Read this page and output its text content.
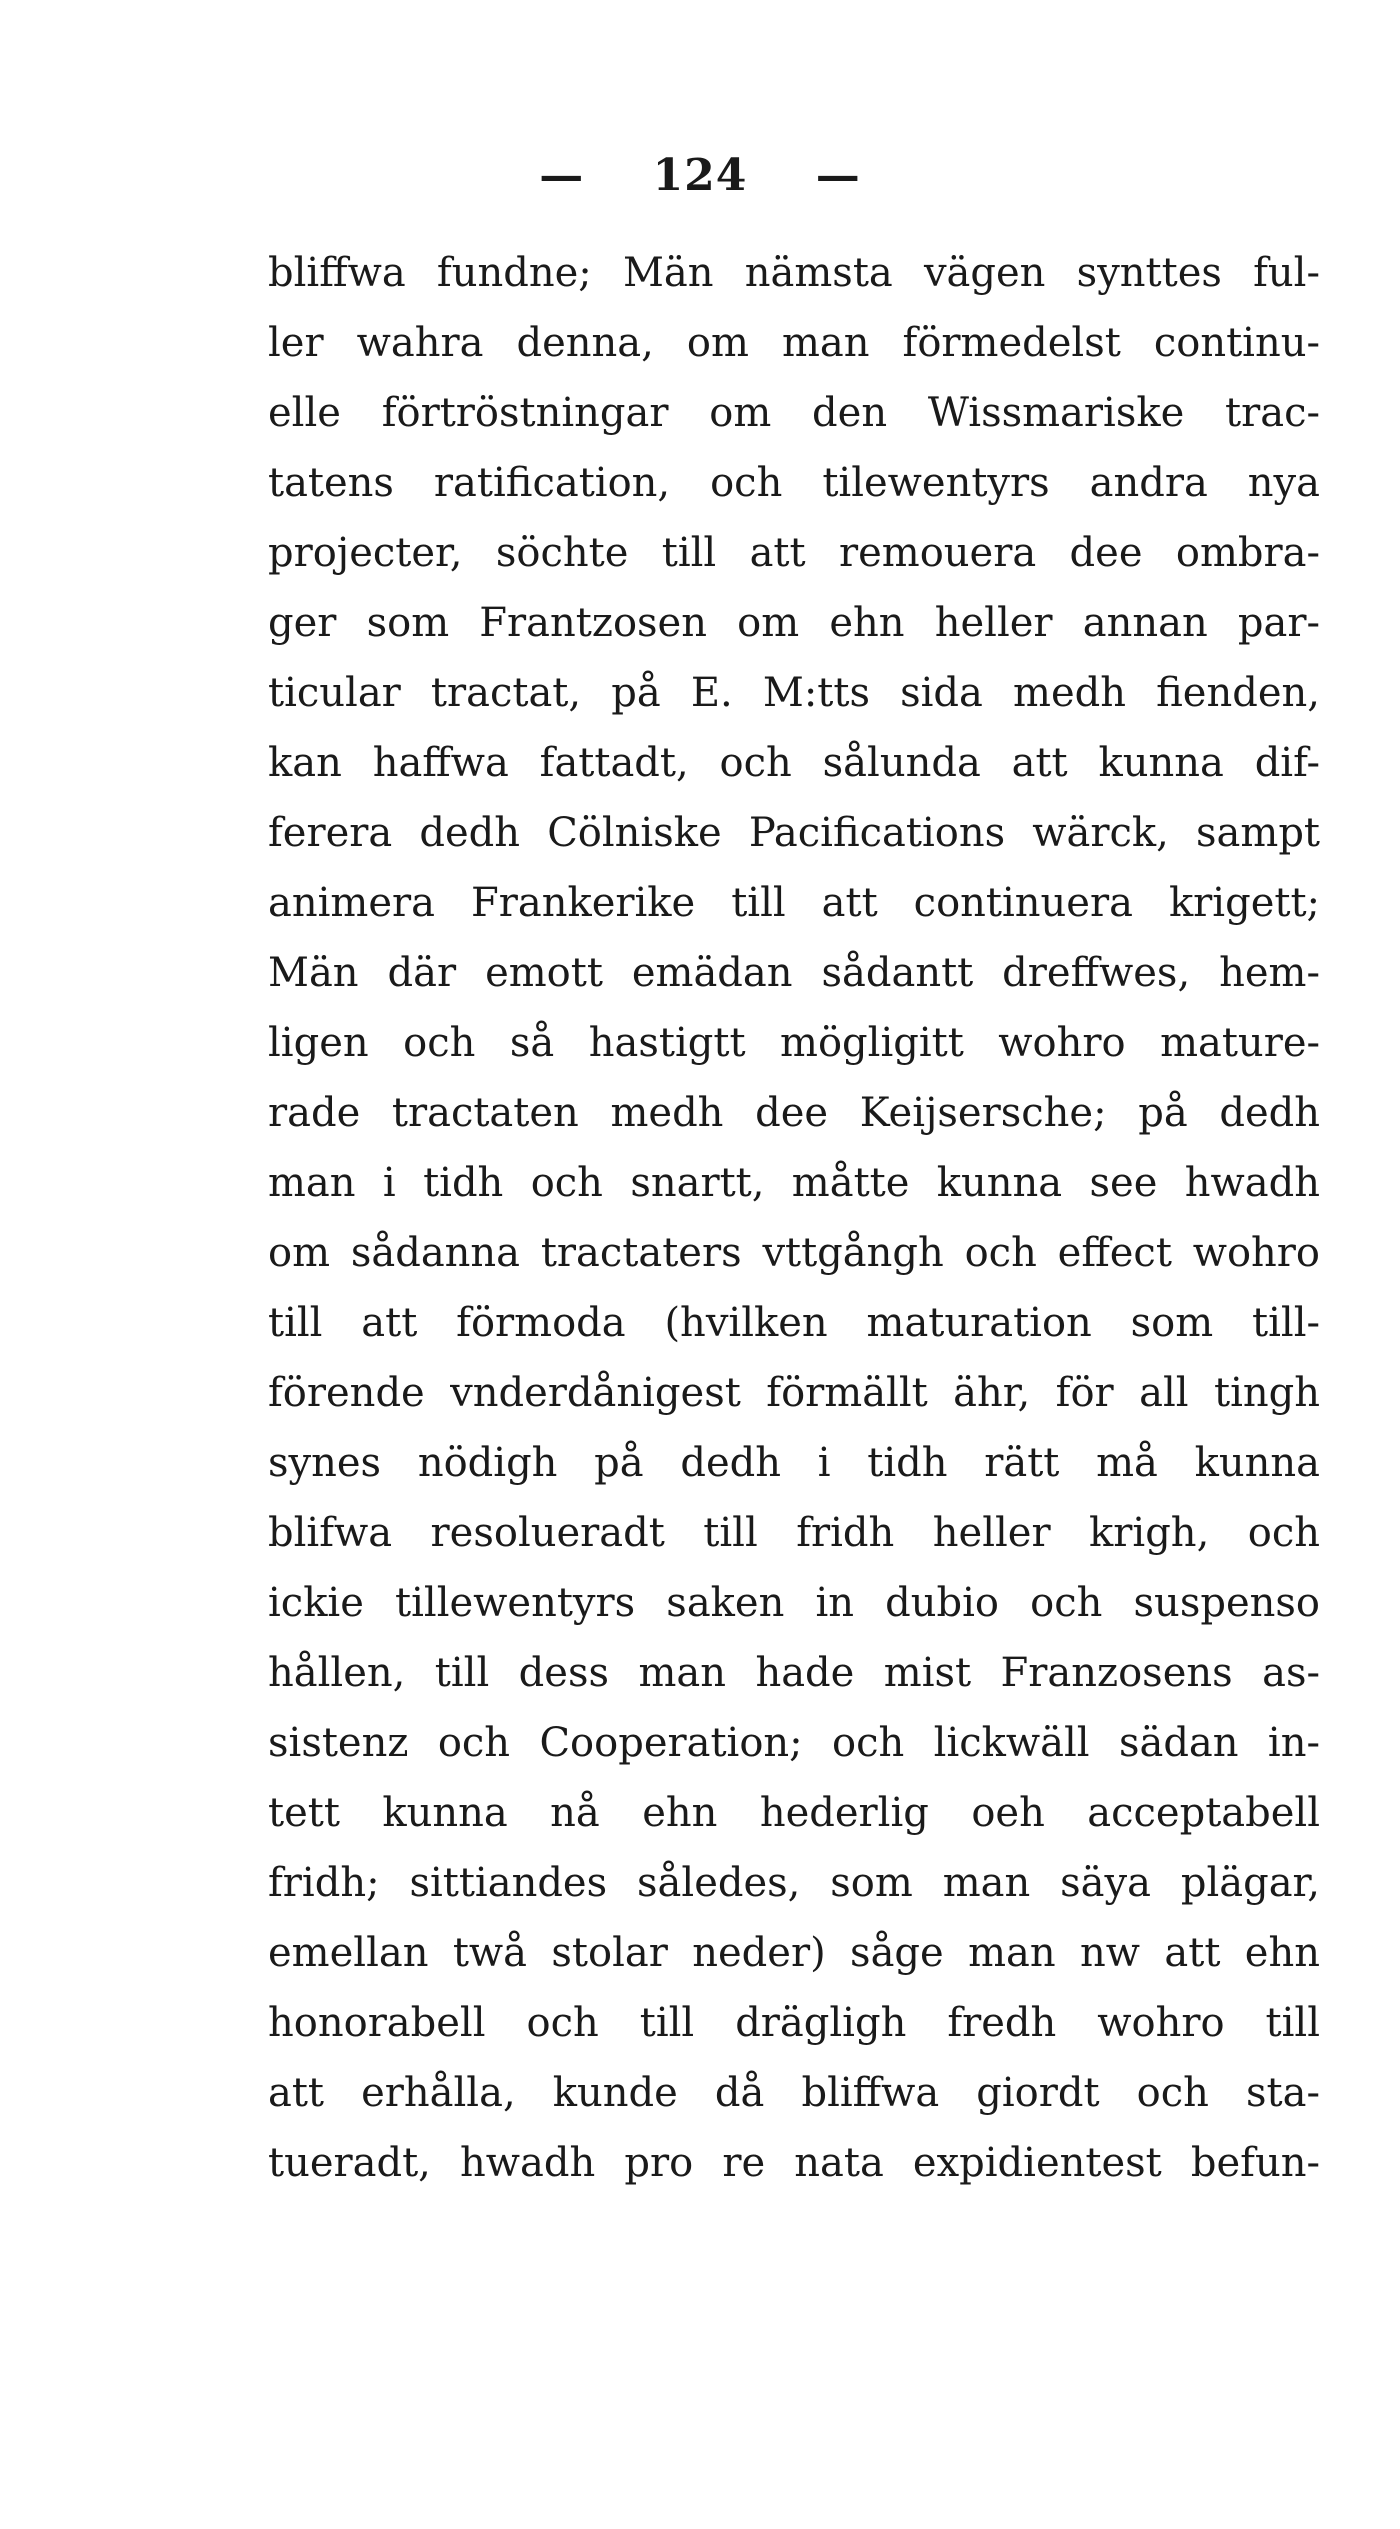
— 124 —
bliffwa fundne; Män nämsta vägen synttes ful-
ler wahra denna, om man förmedelst continu-
elle förtröstningar om den Wissmariske trac-
tatens ratification, och tilewentyrs andra nya
projecter, söchte till att remouera dee ombra-
ger som Frantzosen om ehn heller annan par-
ticular tractat, på E. M:tts sida medh fienden,
kan haffwa fattadt, och sålunda att kunna dif-
ferera dedh Cölniske Pacifications wärck, sampt
animera Frankerike till att continuera krigett;
Män där emott emädan sådantt dreffwes, hem-
ligen och så hastigtt mögligitt wohro mature-
rade tractaten medh dee Keijsersche; på dedh
man i tidh och snartt, måtte kunna see hwadh
om sådanna tractaters vttgångh och effect wohro
till att förmoda (hvilken maturation som till-
förende vnderdånigest förmällt ähr, för all tingh
synes nödigh på dedh i tidh rätt må kunna
blifwa resolueradt till fridh heller krigh, och
ickie tillewentyrs saken in dubio och suspenso
hållen, till dess man hade mist Franzosens as-
sistenz och Cooperation; och lickwäll sädan in-
tett kunna nå ehn hederlig oeh acceptabell
fridh; sittiandes således, som man säya plägar,
emellan twå stolar neder) såge man nw att ehn
honorabell och till drägligh fredh wohro till
att erhålla, kunde då bliffwa giordt och sta-
tueradt, hwadh pro re nata expidientest befun-
